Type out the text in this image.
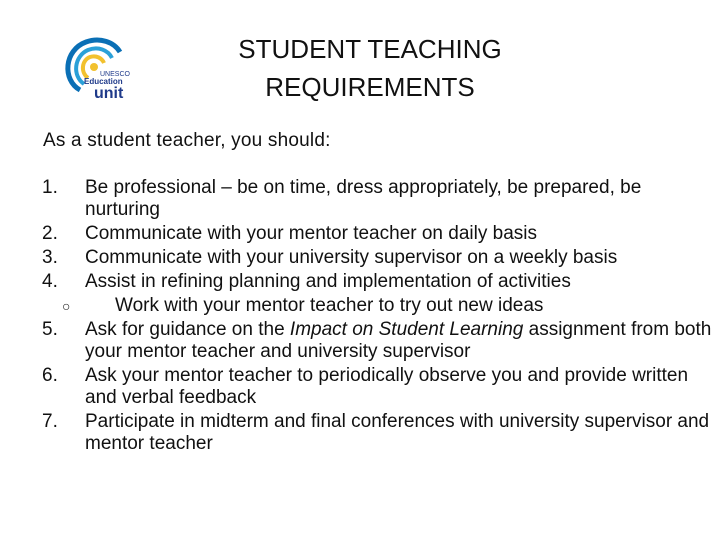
UNESCO
Education
unit
STUDENT TEACHING
REQUIREMENTS
As a student teacher, you should:
1. Be professional – be on time, dress appropriately, be prepared, be nurturing
2. Communicate with your mentor teacher on daily basis
3. Communicate with your university supervisor on a weekly basis
4. Assist in refining planning and implementation of activities
○ Work with your mentor teacher to try out new ideas
5. Ask for guidance on the Impact on Student Learning assignment from both your mentor teacher and university supervisor
6. Ask your mentor teacher to periodically observe you and provide written and verbal feedback
7. Participate in midterm and final conferences with university supervisor and mentor teacher
